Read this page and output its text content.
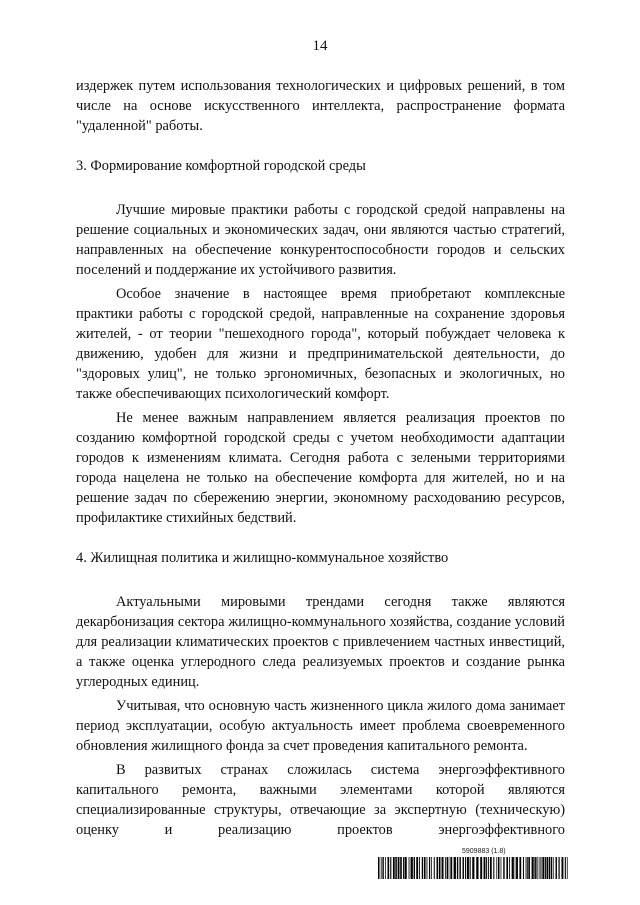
14

издержек путем использования технологических и цифровых решений, в том числе на основе искусственного интеллекта, распространение формата "удаленной" работы.

3. Формирование комфортной городской среды

Лучшие мировые практики работы с городской средой направлены на решение социальных и экономических задач, они являются частью стратегий, направленных на обеспечение конкурентоспособности городов и сельских поселений и поддержание их устойчивого развития.

Особое значение в настоящее время приобретают комплексные практики работы с городской средой, направленные на сохранение здоровья жителей, - от теории "пешеходного города", который побуждает человека к движению, удобен для жизни и предпринимательской деятельности, до "здоровых улиц", не только эргономичных, безопасных и экологичных, но также обеспечивающих психологический комфорт.

Не менее важным направлением является реализация проектов по созданию комфортной городской среды с учетом необходимости адаптации городов к изменениям климата. Сегодня работа с зелеными территориями города нацелена не только на обеспечение комфорта для жителей, но и на решение задач по сбережению энергии, экономному расходованию ресурсов, профилактике стихийных бедствий.

4. Жилищная политика и жилищно-коммунальное хозяйство

Актуальными мировыми трендами сегодня также являются декарбонизация сектора жилищно-коммунального хозяйства, создание условий для реализации климатических проектов с привлечением частных инвестиций, а также оценка углеродного следа реализуемых проектов и создание рынка углеродных единиц.

Учитывая, что основную часть жизненного цикла жилого дома занимает период эксплуатации, особую актуальность имеет проблема своевременного обновления жилищного фонда за счет проведения капитального ремонта.

В развитых странах сложилась система энергоэффективного капитального ремонта, важными элементами которой являются специализированные структуры, отвечающие за экспертную (техническую) оценку и реализацию проектов энергоэффективного

5909883 (1.8)
